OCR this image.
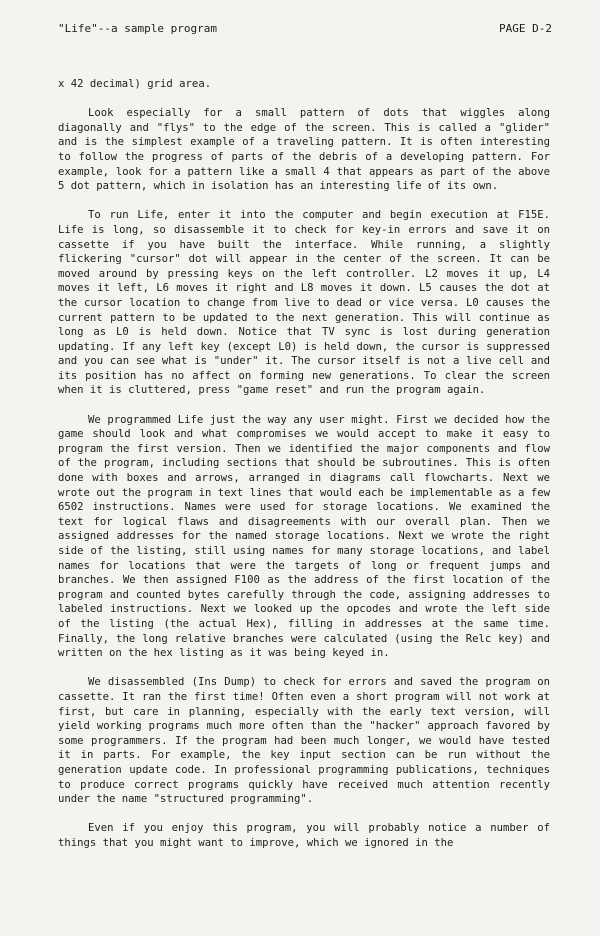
"Life"--a sample program	PAGE D-2

x 42 decimal) grid area.

Look especially for a small pattern of dots that wiggles along diagonally and "flys" to the edge of the screen. This is called a "glider" and is the simplest example of a traveling pattern. It is often interesting to follow the progress of parts of the debris of a developing pattern. For example, look for a pattern like a small 4 that appears as part of the above 5 dot pattern, which in isolation has an interesting life of its own.

To run Life, enter it into the computer and begin execution at F15E. Life is long, so disassemble it to check for key-in errors and save it on cassette if you have built the interface. While running, a slightly flickering "cursor" dot will appear in the center of the screen. It can be moved around by pressing keys on the left controller. L2 moves it up, L4 moves it left, L6 moves it right and L8 moves it down. L5 causes the dot at the cursor location to change from live to dead or vice versa. L0 causes the current pattern to be updated to the next generation. This will continue as long as L0 is held down. Notice that TV sync is lost during generation updating. If any left key (except L0) is held down, the cursor is suppressed and you can see what is "under" it. The cursor itself is not a live cell and its position has no affect on forming new generations. To clear the screen when it is cluttered, press "game reset" and run the program again.

We programmed Life just the way any user might. First we decided how the game should look and what compromises we would accept to make it easy to program the first version. Then we identified the major components and flow of the program, including sections that should be subroutines. This is often done with boxes and arrows, arranged in diagrams call flowcharts. Next we wrote out the program in text lines that would each be implementable as a few 6502 instructions. Names were used for storage locations. We examined the text for logical flaws and disagreements with our overall plan. Then we assigned addresses for the named storage locations. Next we wrote the right side of the listing, still using names for many storage locations, and label names for locations that were the targets of long or frequent jumps and branches. We then assigned F100 as the address of the first location of the program and counted bytes carefully through the code, assigning addresses to labeled instructions. Next we looked up the opcodes and wrote the left side of the listing (the actual Hex), filling in addresses at the same time. Finally, the long relative branches were calculated (using the Relc key) and written on the hex listing as it was being keyed in.

We disassembled (Ins Dump) to check for errors and saved the program on cassette. It ran the first time! Often even a short program will not work at first, but care in planning, especially with the early text version, will yield working programs much more often than the "hacker" approach favored by some programmers. If the program had been much longer, we would have tested it in parts. For example, the key input section can be run without the generation update code. In professional programming publications, techniques to produce correct programs quickly have received much attention recently under the name "structured programming".

Even if you enjoy this program, you will probably notice a number of things that you might want to improve, which we ignored in the
